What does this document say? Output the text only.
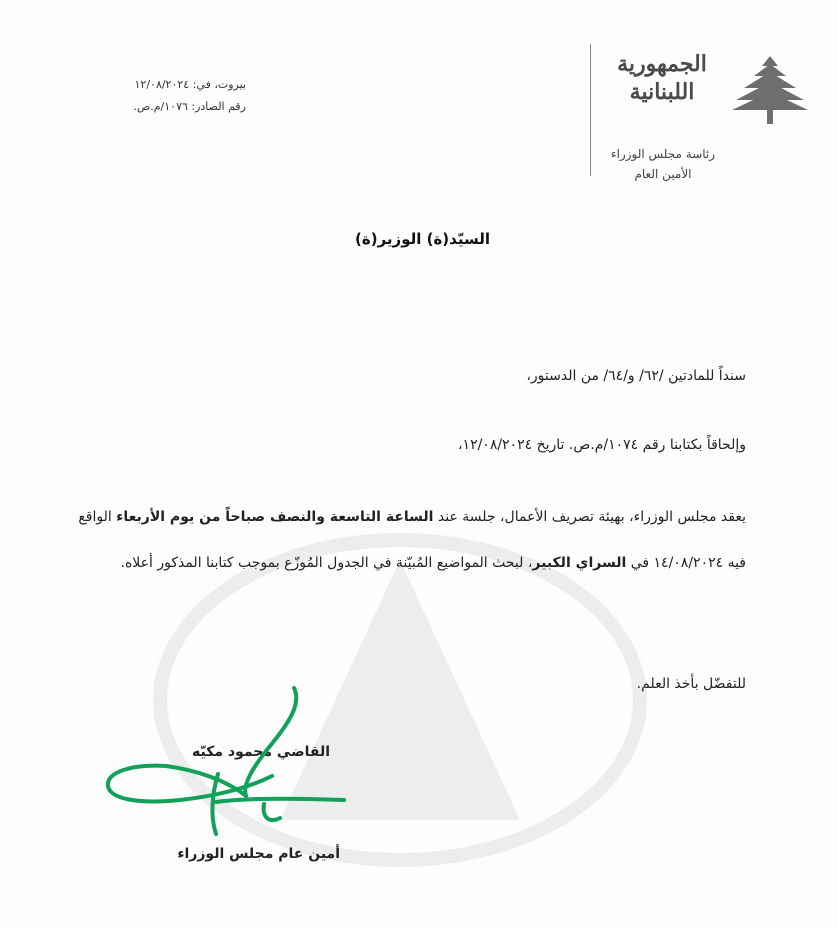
بيروت، في: ١٢/٠٨/٢٠٢٤
رقم الصادر: ١٠٧٦/م.ص.
الجمهورية
اللبنانية
رئاسة مجلس الوزراء
الأمين العام
السيّد(ة) الوزير(ة)
سنداً للمادتين /٦٢/ و/٦٤/ من الدستور،
وإلحاقاً بكتابنا رقم ١٠٧٤/م.ص. تاريخ ١٢/٠٨/٢٠٢٤،
يعقد مجلس الوزراء، بهيئة تصريف الأعمال، جلسة عند الساعة التاسعة والنصف صباحاً من يوم الأربعاء الواقع فيه ١٤/٠٨/٢٠٢٤ في السراي الكبير، لبحث المواضيع المُبيّنة في الجدول المُوزّع بموجب كتابنا المذكور أعلاه.
للتفضّل بأخذ العلم.
القاضي محمود مكيّه
أمين عام مجلس الوزراء
